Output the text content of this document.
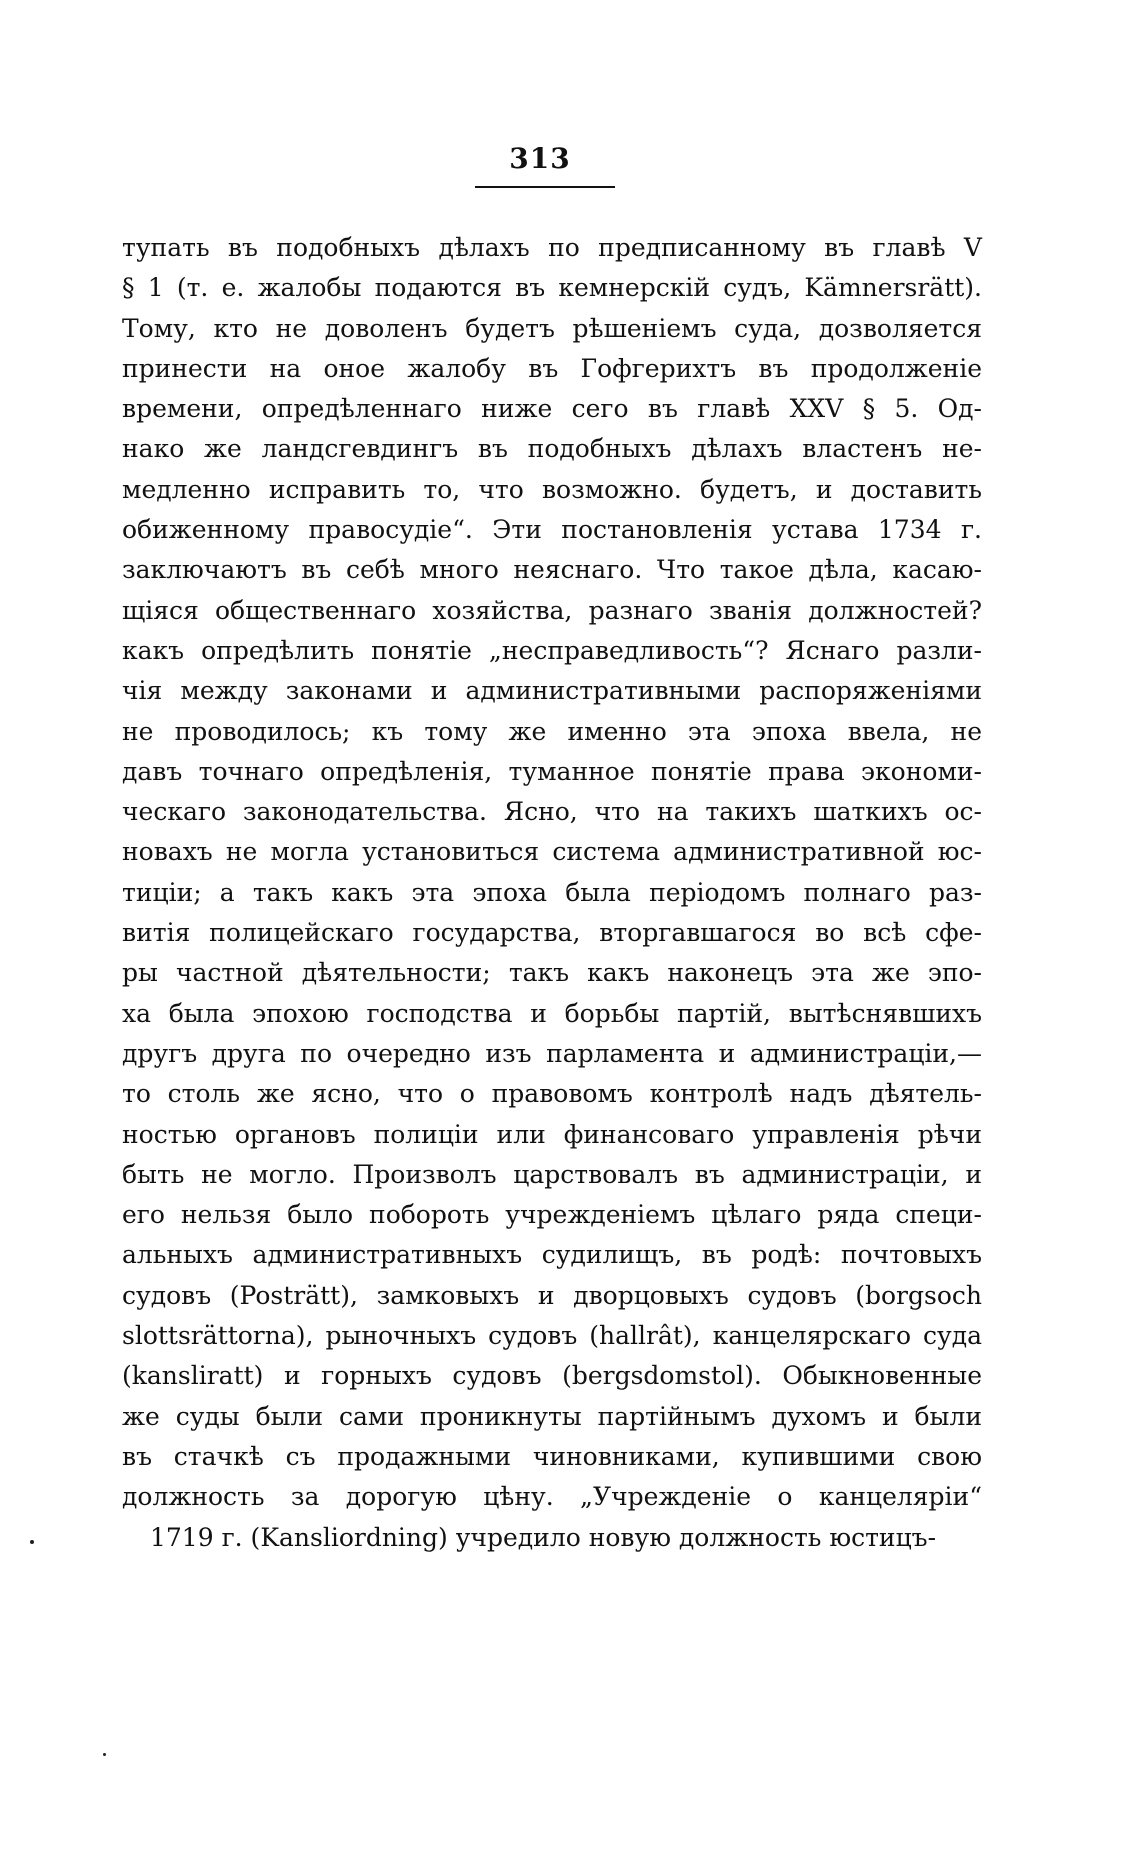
313
тупать въ подобныхъ дѣлахъ по предписанному въ главѣ V
§ 1 (т. е. жалобы подаются въ кемнерскій судъ, Kämnersrätt).
Тому, кто не доволенъ будетъ рѣшеніемъ суда, дозволяется
принести на оное жалобу въ Гофгерихтъ въ продолженіе
времени, опредѣленнаго ниже сего въ главѣ XXV § 5. Од-
нако же ландсгевдингъ въ подобныхъ дѣлахъ властенъ не-
медленно исправить то, что возможно. будетъ, и доставить
обиженному правосудіе“. Эти постановленія устава 1734 г.
заключаютъ въ себѣ много неяснаго. Что такое дѣла, касаю-
щіяся общественнаго хозяйства, разнаго званія должностей?
какъ опредѣлить понятіе „несправедливость“? Яснаго разли-
чія между законами и административными распоряженіями
не проводилось; къ тому же именно эта эпоха ввела, не
давъ точнаго опредѣленія, туманное понятіе права экономи-
ческаго законодательства. Ясно, что на такихъ шаткихъ ос-
новахъ не могла установиться система административной юс-
тиціи; а такъ какъ эта эпоха была періодомъ полнаго раз-
витія полицейскаго государства, вторгавшагося во всѣ сфе-
ры частной дѣятельности; такъ какъ наконецъ эта же эпо-
ха была эпохою господства и борьбы партій, вытѣснявшихъ
другъ друга по очередно изъ парламента и администраціи,—
то столь же ясно, что о правовомъ контролѣ надъ дѣятель-
ностью органовъ полиціи или финансоваго управленія рѣчи
быть не могло. Произволъ царствовалъ въ администраціи, и
его нельзя было побороть учрежденіемъ цѣлаго ряда специ-
альныхъ административныхъ судилищъ, въ родѣ: почтовыхъ
судовъ (Posträtt), замковыхъ и дворцовыхъ судовъ (borgsoch
slottsrättorna), рыночныхъ судовъ (hallrât), канцелярскаго суда
(kansliratt) и горныхъ судовъ (bergsdomstol). Обыкновенные
же суды были сами проникнуты партійнымъ духомъ и были
въ стачкѣ съ продажными чиновниками, купившими свою
должность за дорогую цѣну. „Учрежденіе о канцеляріи“
1719 г. (Kansliordning) учредило новую должность юстицъ-
